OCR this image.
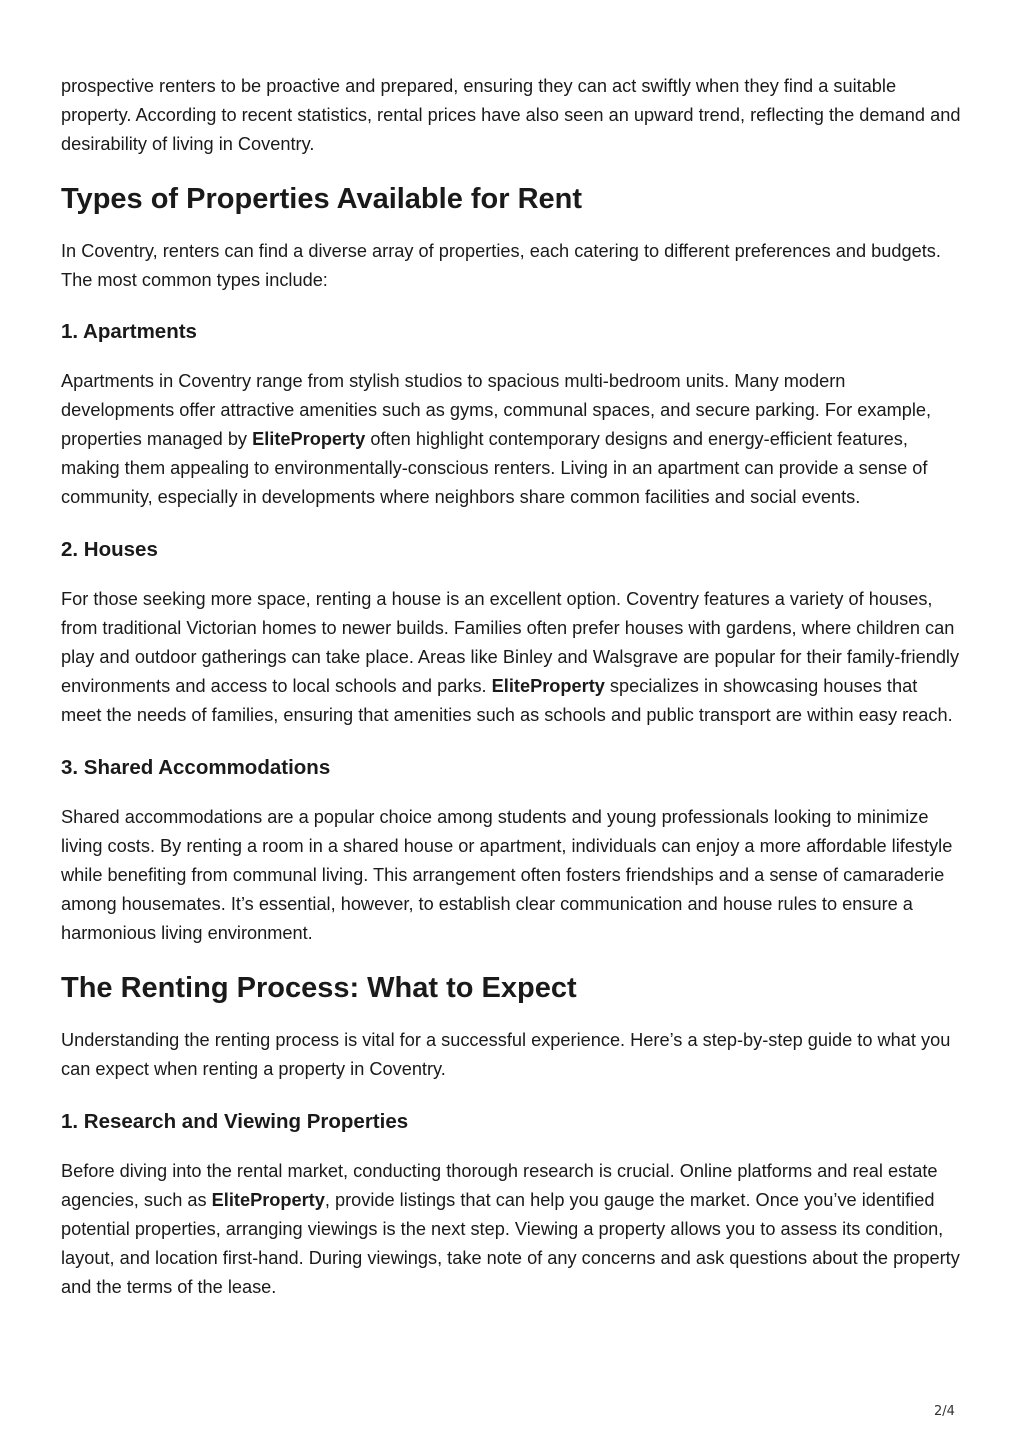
prospective renters to be proactive and prepared, ensuring they can act swiftly when they find a suitable property. According to recent statistics, rental prices have also seen an upward trend, reflecting the demand and desirability of living in Coventry.

Types of Properties Available for Rent

In Coventry, renters can find a diverse array of properties, each catering to different preferences and budgets. The most common types include:

1. Apartments

Apartments in Coventry range from stylish studios to spacious multi-bedroom units. Many modern developments offer attractive amenities such as gyms, communal spaces, and secure parking. For example, properties managed by EliteProperty often highlight contemporary designs and energy-efficient features, making them appealing to environmentally-conscious renters. Living in an apartment can provide a sense of community, especially in developments where neighbors share common facilities and social events.

2. Houses

For those seeking more space, renting a house is an excellent option. Coventry features a variety of houses, from traditional Victorian homes to newer builds. Families often prefer houses with gardens, where children can play and outdoor gatherings can take place. Areas like Binley and Walsgrave are popular for their family-friendly environments and access to local schools and parks. EliteProperty specializes in showcasing houses that meet the needs of families, ensuring that amenities such as schools and public transport are within easy reach.

3. Shared Accommodations

Shared accommodations are a popular choice among students and young professionals looking to minimize living costs. By renting a room in a shared house or apartment, individuals can enjoy a more affordable lifestyle while benefiting from communal living. This arrangement often fosters friendships and a sense of camaraderie among housemates. It’s essential, however, to establish clear communication and house rules to ensure a harmonious living environment.

The Renting Process: What to Expect

Understanding the renting process is vital for a successful experience. Here’s a step-by-step guide to what you can expect when renting a property in Coventry.

1. Research and Viewing Properties

Before diving into the rental market, conducting thorough research is crucial. Online platforms and real estate agencies, such as EliteProperty, provide listings that can help you gauge the market. Once you’ve identified potential properties, arranging viewings is the next step. Viewing a property allows you to assess its condition, layout, and location first-hand. During viewings, take note of any concerns and ask questions about the property and the terms of the lease.

2/4
